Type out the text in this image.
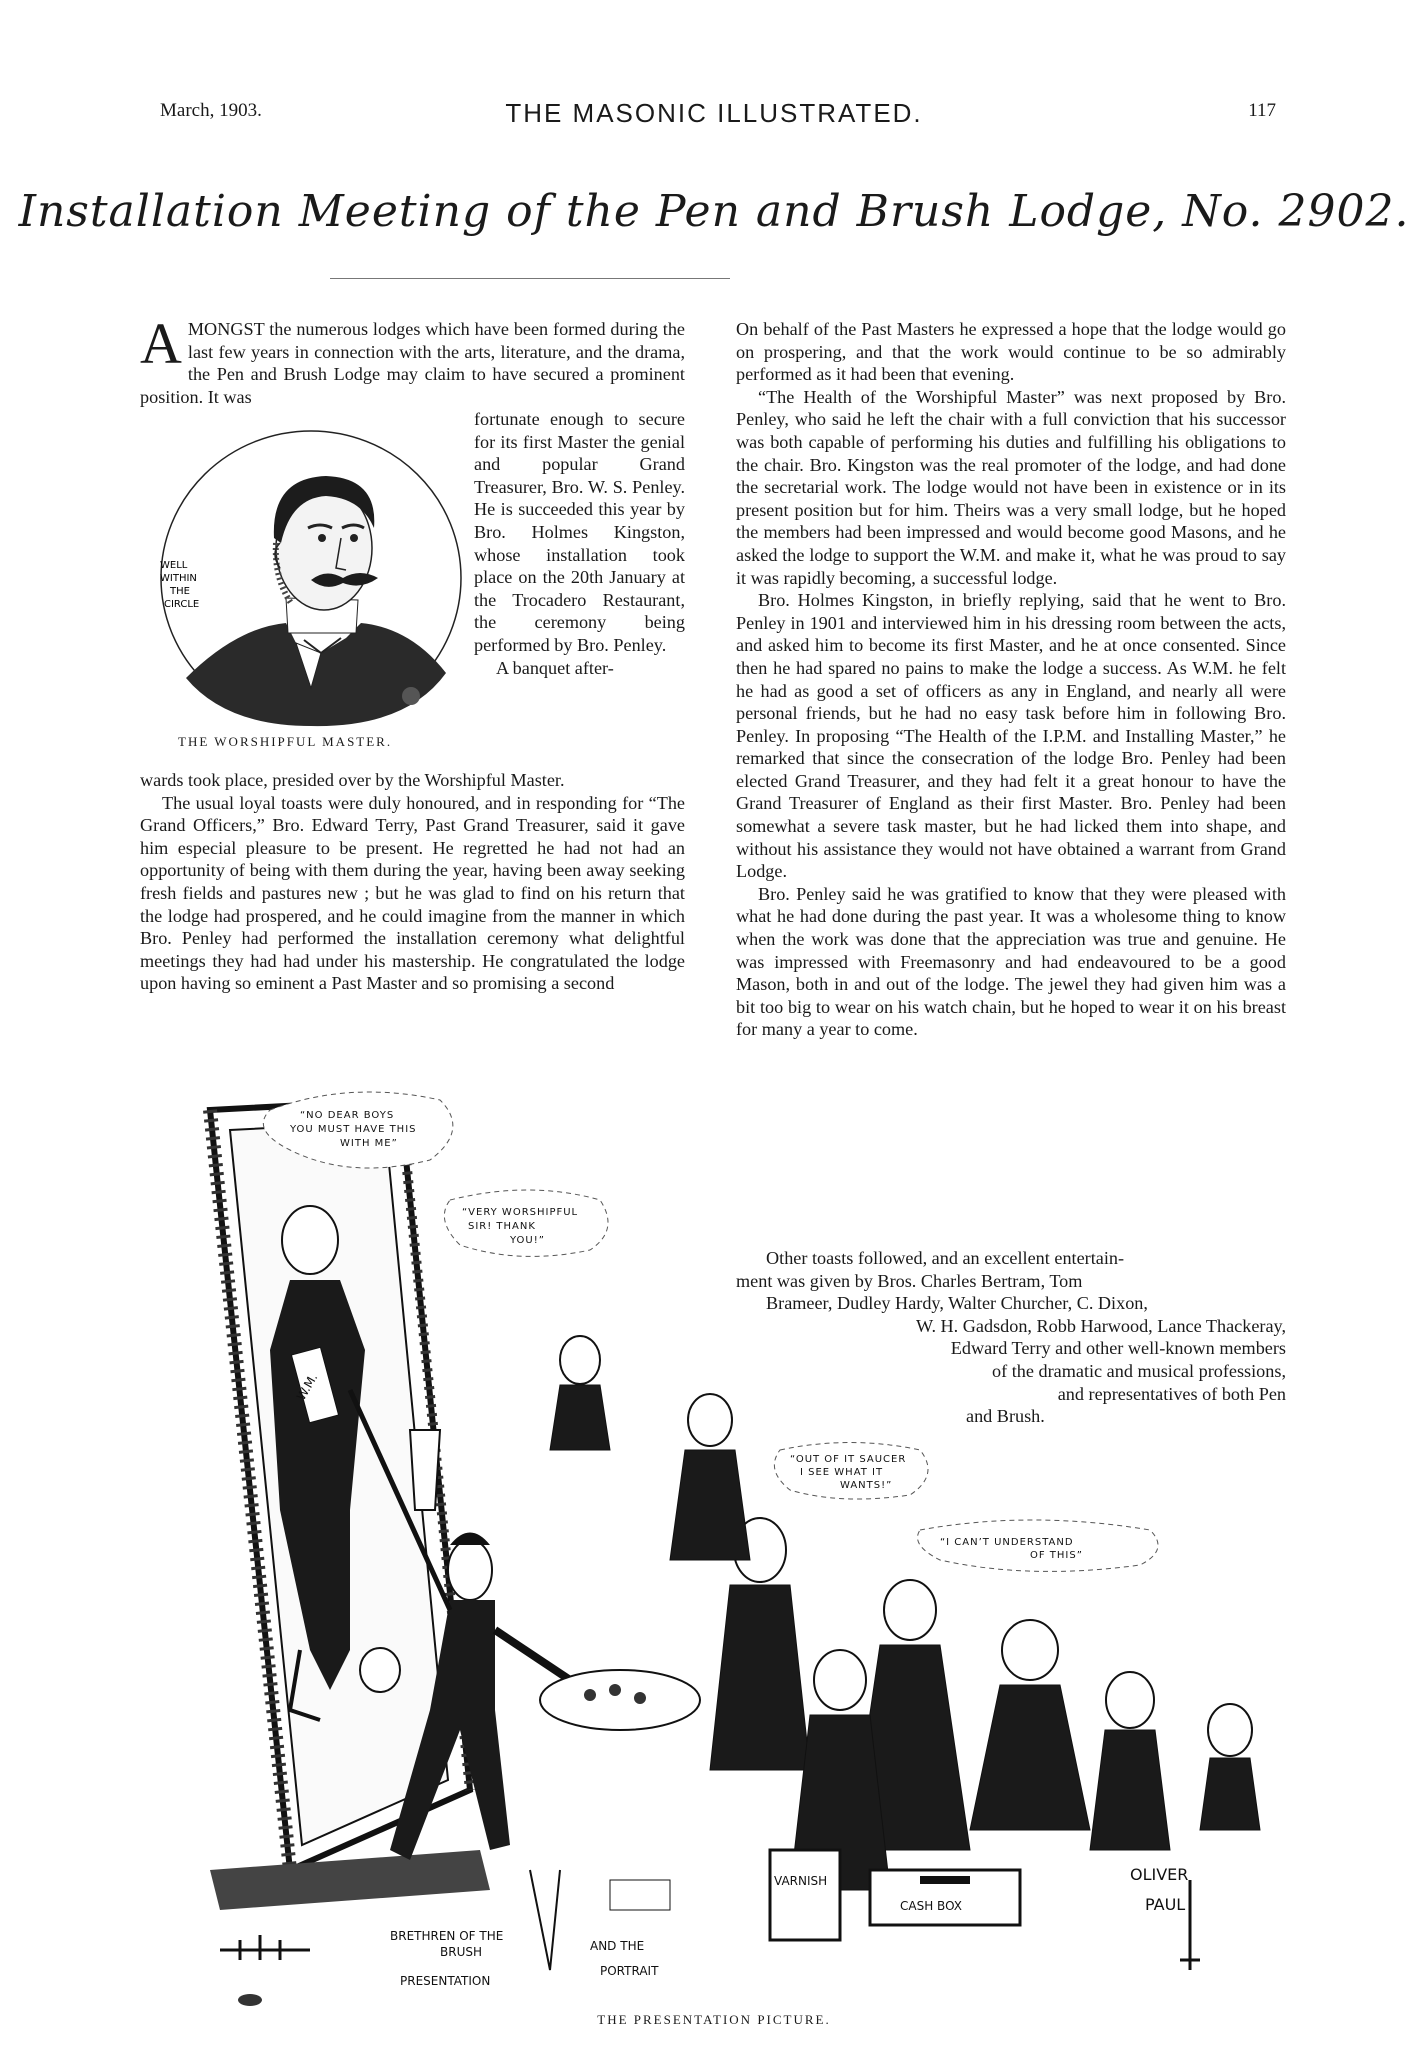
March, 1903.	THE MASONIC ILLUSTRATED.	117
Installation Meeting of the Pen and Brush Lodge, No. 2902.
A MONGST the numerous lodges which have been formed during the last few years in connection with the arts, literature, and the drama, the Pen and Brush Lodge may claim to have secured a prominent position. It was

WELL
WITHIN
THE
CIRCLE

fortunate enough to secure for its first Master the genial and popular Grand Treasurer, Bro. W. S. Penley. He is succeeded this year by Bro. Holmes Kingston, whose installation took place on the 20th January at the Trocadero Restaurant, the ceremony being performed by Bro. Penley.

A banquet after-

THE WORSHIPFUL MASTER.

wards took place, presided over by the Worshipful Master.

The usual loyal toasts were duly honoured, and in responding for “The Grand Officers,” Bro. Edward Terry, Past Grand Treasurer, said it gave him especial pleasure to be present. He regretted he had not had an opportunity of being with them during the year, having been away seeking fresh fields and pastures new ; but he was glad to find on his return that the lodge had prospered, and he could imagine from the manner in which Bro. Penley had performed the installation ceremony what delightful meetings they had had under his mastership. He congratulated the lodge upon having so eminent a Past Master and so promising a second

On behalf of the Past Masters he expressed a hope that the lodge would go on prospering, and that the work would continue to be so admirably performed as it had been that evening.

“The Health of the Worshipful Master” was next proposed by Bro. Penley, who said he left the chair with a full conviction that his successor was both capable of performing his duties and fulfilling his obligations to the chair. Bro. Kingston was the real promoter of the lodge, and had done the secretarial work. The lodge would not have been in existence or in its present position but for him. Theirs was a very small lodge, but he hoped the members had been impressed and would become good Masons, and he asked the lodge to support the W.M. and make it, what he was proud to say it was rapidly becoming, a successful lodge.

Bro. Holmes Kingston, in briefly replying, said that he went to Bro. Penley in 1901 and interviewed him in his dressing room between the acts, and asked him to become its first Master, and he at once consented. Since then he had spared no pains to make the lodge a success. As W.M. he felt he had as good a set of officers as any in England, and nearly all were personal friends, but he had no easy task before him in following Bro. Penley. In proposing “The Health of the I.P.M. and Installing Master,” he remarked that since the consecration of the lodge Bro. Penley had been elected Grand Treasurer, and they had felt it a great honour to have the Grand Treasurer of England as their first Master. Bro. Penley had been somewhat a severe task master, but he had licked them into shape, and without his assistance they would not have obtained a warrant from Grand Lodge.

Bro. Penley said he was gratified to know that they were pleased with what he had done during the past year. It was a wholesome thing to know when the work was done that the appreciation was true and genuine. He was impressed with Freemasonry and had endeavoured to be a good Mason, both in and out of the lodge. The jewel they had given him was a bit too big to wear on his watch chain, but he hoped to wear it on his breast for many a year to come.

Other toasts followed, and an excellent entertain-

ment was given by Bros. Charles Bertram, Tom

Brameer, Dudley Hardy, Walter Churcher, C. Dixon,

W. H. Gadsdon, Robb Harwood, Lance Thackeray,

Edward Terry and other well-known members

of the dramatic and musical professions,

and representatives of both Pen

and Brush.

W.M.
VARNISH
CASH BOX
“NO DEAR BOYS
YOU MUST HAVE THIS
WITH ME”
“VERY WORSHIPFUL
SIR! THANK
YOU!”
“OUT OF IT SAUCER
I SEE WHAT IT
WANTS!”
“I CAN’T UNDERSTAND
OF THIS”
BRETHREN OF THE
BRUSH
PRESENTATION
AND THE
PORTRAIT
OLIVER
PAUL
THE PRESENTATION PICTURE.
